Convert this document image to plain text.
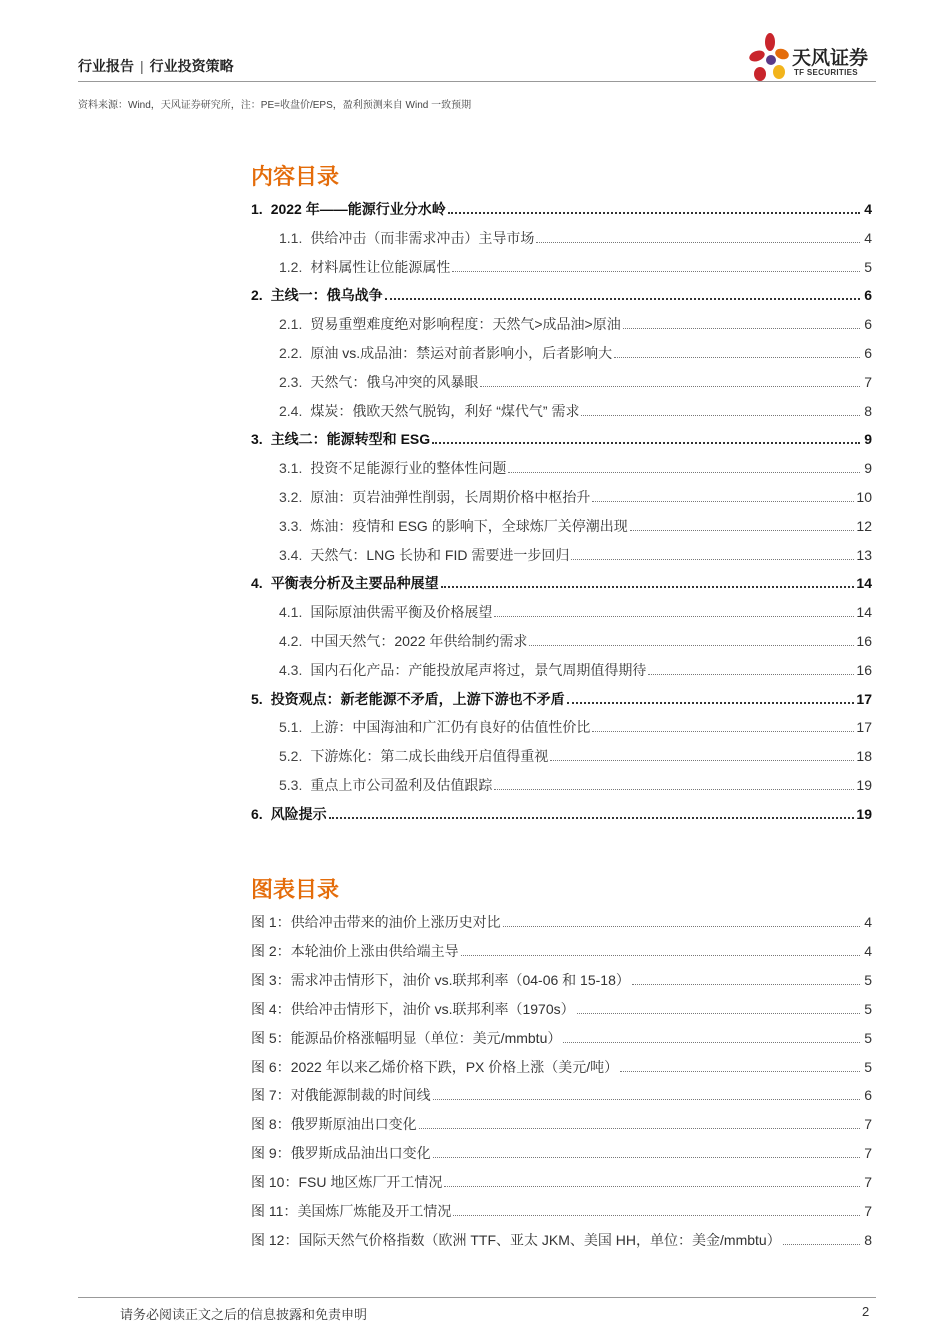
行业报告 | 行业投资策略	天风证券
TF SECURITIES
资料来源：Wind，天风证券研究所，注：PE=收盘价/EPS，盈利预测来自 Wind 一致预期
内容目录
1. 2022 年——能源行业分水岭	4
1.1. 供给冲击（而非需求冲击）主导市场	4
1.2. 材料属性让位能源属性	5
2. 主线一：俄乌战争	6
2.1. 贸易重塑难度绝对影响程度：天然气>成品油>原油	6
2.2. 原油 vs.成品油：禁运对前者影响小，后者影响大	6
2.3. 天然气：俄乌冲突的风暴眼	7
2.4. 煤炭：俄欧天然气脱钩，利好 “煤代气” 需求	8
3. 主线二：能源转型和 ESG	9
3.1. 投资不足能源行业的整体性问题	9
3.2. 原油：页岩油弹性削弱，长周期价格中枢抬升	10
3.3. 炼油：疫情和 ESG 的影响下，全球炼厂关停潮出现	12
3.4. 天然气：LNG 长协和 FID 需要进一步回归	13
4. 平衡表分析及主要品种展望	14
4.1. 国际原油供需平衡及价格展望	14
4.2. 中国天然气：2022 年供给制约需求	16
4.3. 国内石化产品：产能投放尾声将过，景气周期值得期待	16
5. 投资观点：新老能源不矛盾，上游下游也不矛盾	17
5.1. 上游：中国海油和广汇仍有良好的估值性价比	17
5.2. 下游炼化：第二成长曲线开启值得重视	18
5.3. 重点上市公司盈利及估值跟踪	19
6. 风险提示	19
图表目录
图 1： 供给冲击带来的油价上涨历史对比	4
图 2： 本轮油价上涨由供给端主导	4
图 3： 需求冲击情形下，油价 vs.联邦利率（04-06 和 15-18）	5
图 4： 供给冲击情形下，油价 vs.联邦利率（1970s）	5
图 5： 能源品价格涨幅明显（单位：美元/mmbtu）	5
图 6： 2022 年以来乙烯价格下跌，PX 价格上涨（美元/吨）	5
图 7： 对俄能源制裁的时间线	6
图 8： 俄罗斯原油出口变化	7
图 9： 俄罗斯成品油出口变化	7
图 10： FSU 地区炼厂开工情况	7
图 11： 美国炼厂炼能及开工情况	7
图 12： 国际天然气价格指数（欧洲 TTF、亚太 JKM、美国 HH，单位：美金/mmbtu）	8
请务必阅读正文之后的信息披露和免责申明	2
